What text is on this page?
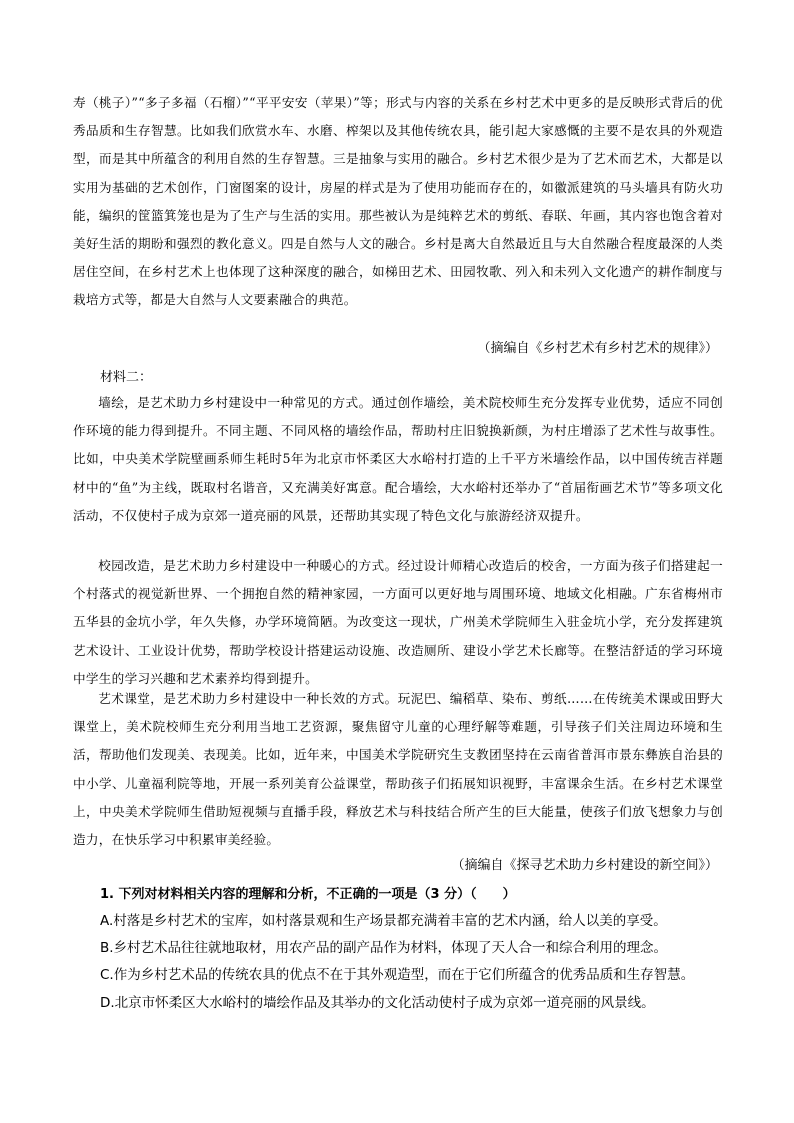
寿（桃子）”“多子多福（石榴）”“平平安安（苹果）”等；形式与内容的关系在乡村艺术中更多的是反映形式背后的优秀品质和生存智慧。比如我们欣赏水车、水磨、榨架以及其他传统农具，能引起大家感慨的主要不是农具的外观造型，而是其中所蕴含的利用自然的生存智慧。三是抽象与实用的融合。乡村艺术很少是为了艺术而艺术，大都是以实用为基础的艺术创作，门窗图案的设计，房屋的样式是为了使用功能而存在的，如徽派建筑的马头墙具有防火功能，编织的筐篮箕笼也是为了生产与生活的实用。那些被认为是纯粹艺术的剪纸、春联、年画，其内容也饱含着对美好生活的期盼和强烈的教化意义。四是自然与人文的融合。乡村是离大自然最近且与大自然融合程度最深的人类居住空间，在乡村艺术上也体现了这种深度的融合，如梯田艺术、田园牧歌、列入和未列入文化遗产的耕作制度与栽培方式等，都是大自然与人文要素融合的典范。

（摘编自《乡村艺术有乡村艺术的规律》）

材料二：

墙绘，是艺术助力乡村建设中一种常见的方式。通过创作墙绘，美术院校师生充分发挥专业优势，适应不同创作环境的能力得到提升。不同主题、不同风格的墙绘作品，帮助村庄旧貌换新颜，为村庄增添了艺术性与故事性。比如，中央美术学院壁画系师生耗时5年为北京市怀柔区大水峪村打造的上千平方米墙绘作品，以中国传统吉祥题材中的“鱼”为主线，既取村名谐音，又充满美好寓意。配合墙绘，大水峪村还举办了“首届衔画艺术节”等多项文化活动，不仅使村子成为京郊一道亮丽的风景，还帮助其实现了特色文化与旅游经济双提升。

校园改造，是艺术助力乡村建设中一种暖心的方式。经过设计师精心改造后的校舍，一方面为孩子们搭建起一个村落式的视觉新世界、一个拥抱自然的精神家园，一方面可以更好地与周围环境、地域文化相融。广东省梅州市五华县的金坑小学，年久失修，办学环境简陋。为改变这一现状，广州美术学院师生入驻金坑小学，充分发挥建筑艺术设计、工业设计优势，帮助学校设计搭建运动设施、改造厕所、建设小学艺术长廊等。在整洁舒适的学习环境中学生的学习兴趣和艺术素养均得到提升。

艺术课堂，是艺术助力乡村建设中一种长效的方式。玩泥巴、编稻草、染布、剪纸……在传统美术课或田野大课堂上，美术院校师生充分利用当地工艺资源，聚焦留守儿童的心理纾解等难题，引导孩子们关注周边环境和生活，帮助他们发现美、表现美。比如，近年来，中国美术学院研究生支教团坚持在云南省普洱市景东彝族自治县的中小学、儿童福利院等地，开展一系列美育公益课堂，帮助孩子们拓展知识视野，丰富课余生活。在乡村艺术课堂上，中央美术学院师生借助短视频与直播手段，释放艺术与科技结合所产生的巨大能量，使孩子们放飞想象力与创造力，在快乐学习中积累审美经验。

（摘编自《探寻艺术助力乡村建设的新空间》）

1. 下列对材料相关内容的理解和分析，不正确的一项是（3 分）（　　）

A.村落是乡村艺术的宝库，如村落景观和生产场景都充满着丰富的艺术内涵，给人以美的享受。

B.乡村艺术品往往就地取材，用农产品的副产品作为材料，体现了天人合一和综合利用的理念。

C.作为乡村艺术品的传统农具的优点不在于其外观造型，而在于它们所蕴含的优秀品质和生存智慧。

D.北京市怀柔区大水峪村的墙绘作品及其举办的文化活动使村子成为京郊一道亮丽的风景线。
